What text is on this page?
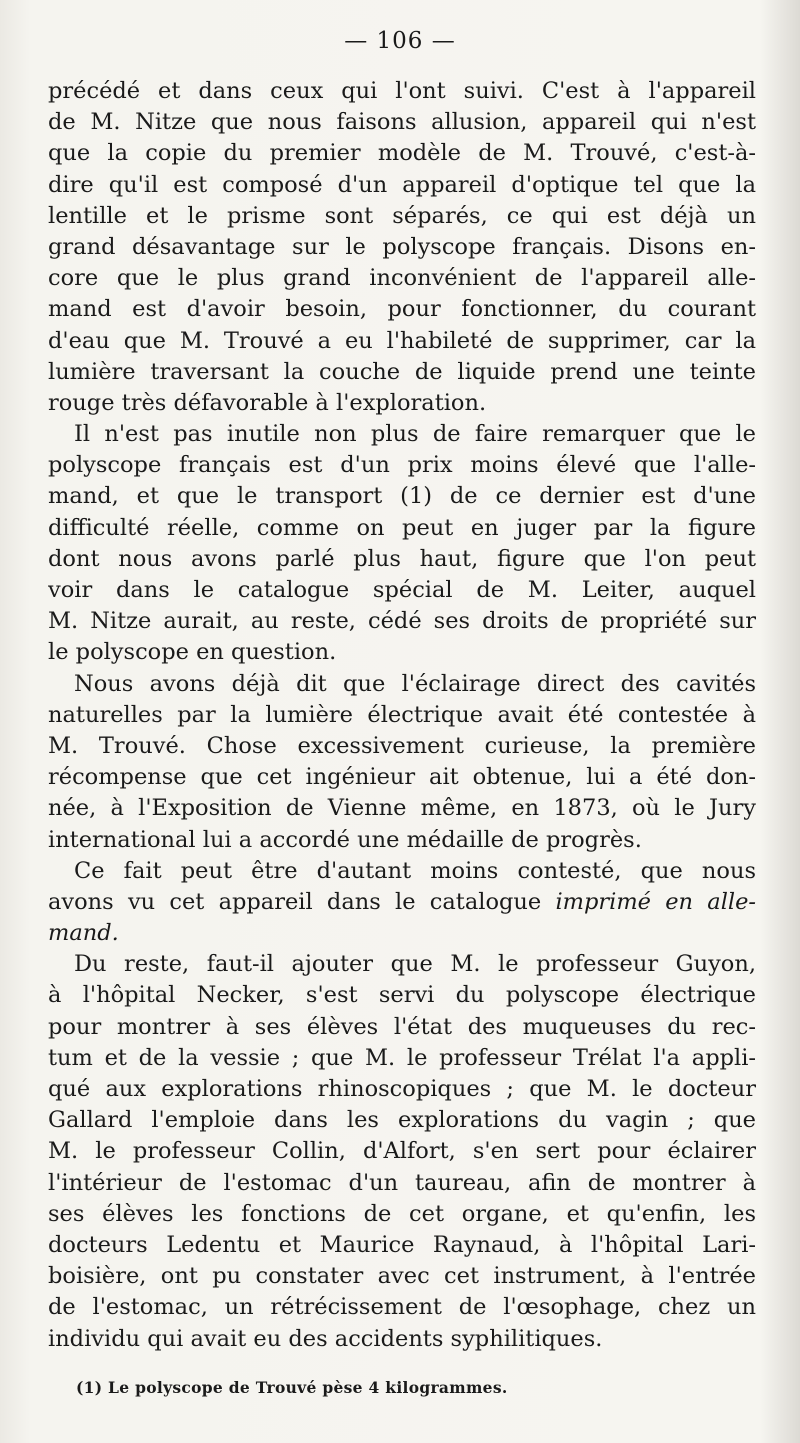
— 106 —
précédé et dans ceux qui l'ont suivi. C'est à l'appareil
de M. Nitze que nous faisons allusion, appareil qui n'est
que la copie du premier modèle de M. Trouvé, c'est-à-
dire qu'il est composé d'un appareil d'optique tel que la
lentille et le prisme sont séparés, ce qui est déjà un
grand désavantage sur le polyscope français. Disons en-
core que le plus grand inconvénient de l'appareil alle-
mand est d'avoir besoin, pour fonctionner, du courant
d'eau que M. Trouvé a eu l'habileté de supprimer, car la
lumière traversant la couche de liquide prend une teinte
rouge très défavorable à l'exploration.
Il n'est pas inutile non plus de faire remarquer que le
polyscope français est d'un prix moins élevé que l'alle-
mand, et que le transport (1) de ce dernier est d'une
difficulté réelle, comme on peut en juger par la figure
dont nous avons parlé plus haut, figure que l'on peut
voir dans le catalogue spécial de M. Leiter, auquel
M. Nitze aurait, au reste, cédé ses droits de propriété sur
le polyscope en question.
Nous avons déjà dit que l'éclairage direct des cavités
naturelles par la lumière électrique avait été contestée à
M. Trouvé. Chose excessivement curieuse, la première
récompense que cet ingénieur ait obtenue, lui a été don-
née, à l'Exposition de Vienne même, en 1873, où le Jury
international lui a accordé une médaille de progrès.
Ce fait peut être d'autant moins contesté, que nous
avons vu cet appareil dans le catalogue imprimé en alle-
mand.
Du reste, faut-il ajouter que M. le professeur Guyon,
à l'hôpital Necker, s'est servi du polyscope électrique
pour montrer à ses élèves l'état des muqueuses du rec-
tum et de la vessie ; que M. le professeur Trélat l'a appli-
qué aux explorations rhinoscopiques ; que M. le docteur
Gallard l'emploie dans les explorations du vagin ; que
M. le professeur Collin, d'Alfort, s'en sert pour éclairer
l'intérieur de l'estomac d'un taureau, afin de montrer à
ses élèves les fonctions de cet organe, et qu'enfin, les
docteurs Ledentu et Maurice Raynaud, à l'hôpital Lari-
boisière, ont pu constater avec cet instrument, à l'entrée
de l'estomac, un rétrécissement de l'œsophage, chez un
individu qui avait eu des accidents syphilitiques.
(1) Le polyscope de Trouvé pèse 4 kilogrammes.
